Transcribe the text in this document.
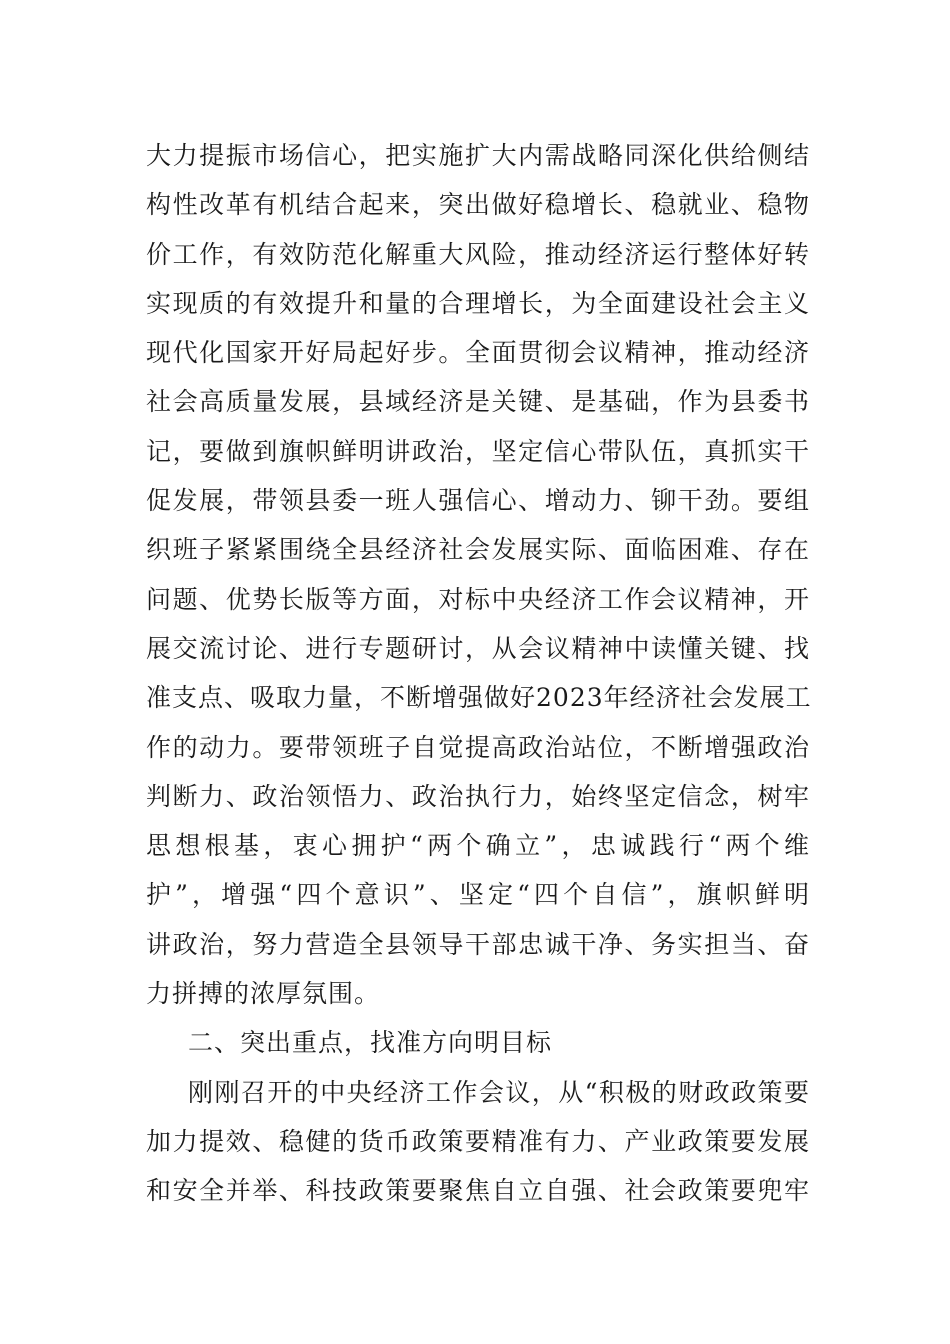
大力提振市场信心，把实施扩大内需战略同深化供给侧结
构性改革有机结合起来，突出做好稳增长、稳就业、稳物
价工作，有效防范化解重大风险，推动经济运行整体好转
实现质的有效提升和量的合理增长，为全面建设社会主义
现代化国家开好局起好步。全面贯彻会议精神，推动经济
社会高质量发展，县域经济是关键、是基础，作为县委书
记，要做到旗帜鲜明讲政治，坚定信心带队伍，真抓实干
促发展，带领县委一班人强信心、增动力、铆干劲。要组
织班子紧紧围绕全县经济社会发展实际、面临困难、存在
问题、优势长版等方面，对标中央经济工作会议精神，开
展交流讨论、进行专题研讨，从会议精神中读懂关键、找
准支点、吸取力量，不断增强做好2023年经济社会发展工
作的动力。要带领班子自觉提高政治站位，不断增强政治
判断力、政治领悟力、政治执行力，始终坚定信念，树牢
思想根基，衷心拥护“两个确立”，忠诚践行“两个维
护”，增强“四个意识”、坚定“四个自信”，旗帜鲜明
讲政治，努力营造全县领导干部忠诚干净、务实担当、奋
力拼搏的浓厚氛围。
二、突出重点，找准方向明目标
刚刚召开的中央经济工作会议，从“积极的财政政策要
加力提效、稳健的货币政策要精准有力、产业政策要发展
和安全并举、科技政策要聚焦自立自强、社会政策要兜牢
